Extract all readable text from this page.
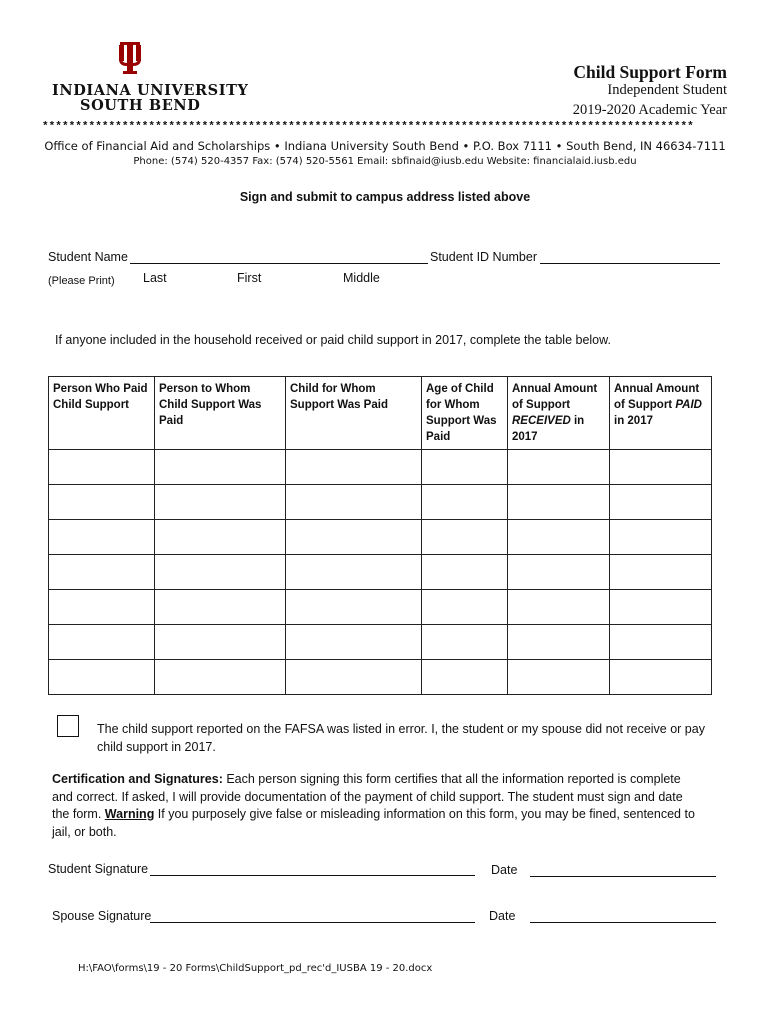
INDIANA UNIVERSITY
SOUTH BEND
Child Support Form
Independent Student
2019-2020 Academic Year
**************************************************************************************************
Office of Financial Aid and Scholarships • Indiana University South Bend • P.O. Box 7111 • South Bend, IN 46634-7111
Phone: (574) 520-4357 Fax: (574) 520-5561 Email: sbfinaid@iusb.edu Website: financialaid.iusb.edu
Sign and submit to campus address listed above
Student Name	Student ID Number
(Please Print) Last	First	Middle
If anyone included in the household received or paid child support in 2017, complete the table below.
Person Who Paid Child Support	Person to Whom Child Support Was Paid	Child for Whom Support Was Paid	Age of Child for Whom Support Was Paid	Annual Amount of Support RECEIVED in 2017	Annual Amount of Support PAID
in 2017

The child support reported on the FAFSA was listed in error. I, the student or my spouse did not receive or pay child support in 2017.
Certification and Signatures: Each person signing this form certifies that all the information reported is complete and correct. If asked, I will provide documentation of the payment of child support. The student must sign and date the form. Warning If you purposely give false or misleading information on this form, you may be fined, sentenced to jail, or both.
Student Signature	Date
Spouse Signature	Date
H:\FAO\forms\19 - 20 Forms\ChildSupport_pd_rec'd_IUSBA 19 - 20.docx
